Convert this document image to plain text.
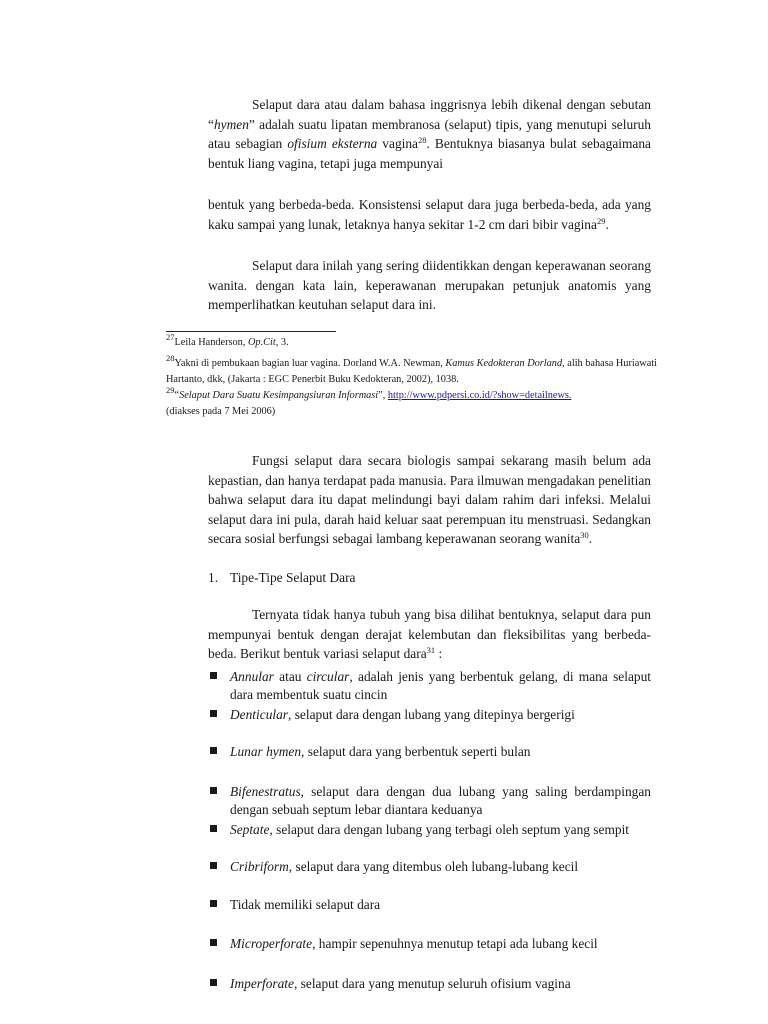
Selaput dara atau dalam bahasa inggrisnya lebih dikenal dengan sebutan “hymen” adalah suatu lipatan membranosa (selaput) tipis, yang menutupi seluruh atau sebagian ofisium eksterna vagina$^{28}$. Bentuknya biasanya bulat sebagaimana bentuk liang vagina, tetapi juga mempunyai
bentuk yang berbeda-beda. Konsistensi selaput dara juga berbeda-beda, ada yang kaku sampai yang lunak, letaknya hanya sekitar 1-2 cm dari bibir vagina$^{29}$.
Selaput dara inilah yang sering diidentikkan dengan keperawanan seorang wanita. dengan kata lain, keperawanan merupakan petunjuk anatomis yang memperlihatkan keutuhan selaput dara ini.
$^{27}$Leila Handerson, Op.Cit, 3.
$^{28}$Yakni di pembukaan bagian luar vagina. Dorland W.A. Newman, Kamus Kedokteran Dorland, alih bahasa Huriawati Hartanto, dkk, (Jakarta : EGC Penerbit Buku Kedokteran, 2002), 1038.
$^{29}$“Selaput Dara Suatu Kesimpangsiuran Informasi”, http://www.pdpersi.co.id/?show=detailnews.
(diakses pada 7 Mei 2006)
Fungsi selaput dara secara biologis sampai sekarang masih belum ada kepastian, dan hanya terdapat pada manusia. Para ilmuwan mengadakan penelitian bahwa selaput dara itu dapat melindungi bayi dalam rahim dari infeksi. Melalui selaput dara ini pula, darah haid keluar saat perempuan itu menstruasi. Sedangkan secara sosial berfungsi sebagai lambang keperawanan seorang wanita$^{30}$.
1. Tipe-Tipe Selaput Dara
Ternyata tidak hanya tubuh yang bisa dilihat bentuknya, selaput dara pun mempunyai bentuk dengan derajat kelembutan dan fleksibilitas yang berbeda-beda. Berikut bentuk variasi selaput dara$^{31}$ :
Annular atau circular, adalah jenis yang berbentuk gelang, di mana selaput dara membentuk suatu cincin
Denticular, selaput dara dengan lubang yang ditepinya bergerigi
Lunar hymen, selaput dara yang berbentuk seperti bulan
Bifenestratus, selaput dara dengan dua lubang yang saling berdampingan dengan sebuah septum lebar diantara keduanya
Septate, selaput dara dengan lubang yang terbagi oleh septum yang sempit
Cribriform, selaput dara yang ditembus oleh lubang-lubang kecil
Tidak memiliki selaput dara
Microperforate, hampir sepenuhnya menutup tetapi ada lubang kecil
Imperforate, selaput dara yang menutup seluruh ofisium vagina
